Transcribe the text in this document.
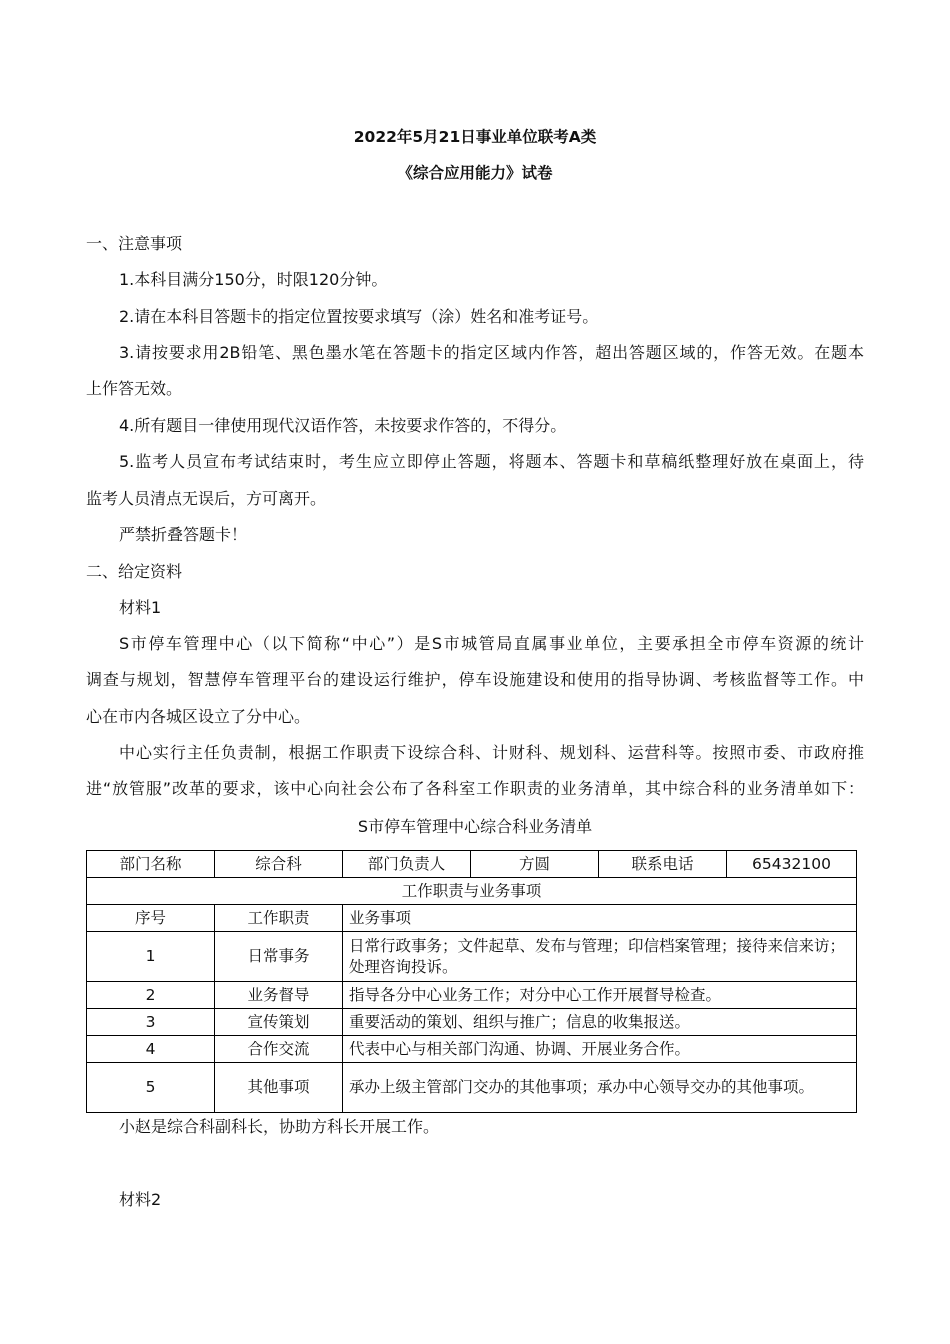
2022年5月21日事业单位联考A类
《综合应用能力》试卷
一、注意事项
1.本科目满分150分，时限120分钟。
2.请在本科目答题卡的指定位置按要求填写（涂）姓名和准考证号。
3.请按要求用2B铅笔、黑色墨水笔在答题卡的指定区域内作答，超出答题区域的，作答无效。在题本
上作答无效。
4.所有题目一律使用现代汉语作答，未按要求作答的，不得分。
5.监考人员宣布考试结束时，考生应立即停止答题，将题本、答题卡和草稿纸整理好放在桌面上，待
监考人员清点无误后，方可离开。
严禁折叠答题卡！
二、给定资料
材料1
S市停车管理中心（以下简称“中心”）是S市城管局直属事业单位，主要承担全市停车资源的统计
调查与规划，智慧停车管理平台的建设运行维护，停车设施建设和使用的指导协调、考核监督等工作。中
心在市内各城区设立了分中心。
中心实行主任负责制，根据工作职责下设综合科、计财科、规划科、运营科等。按照市委、市政府推
进“放管服”改革的要求，该中心向社会公布了各科室工作职责的业务清单，其中综合科的业务清单如下：
S市停车管理中心综合科业务清单
部门名称	综合科	部门负责人	方圆	联系电话	65432100
工作职责与业务事项					
序号	工作职责	业务事项			
1	日常事务	日常行政事务；文件起草、发布与管理；印信档案管理；接待来信来访；处理咨询投诉。			
2	业务督导	指导各分中心业务工作；对分中心工作开展督导检查。			
3	宣传策划	重要活动的策划、组织与推广；信息的收集报送。			
4	合作交流	代表中心与相关部门沟通、协调、开展业务合作。			
5	其他事项	承办上级主管部门交办的其他事项；承办中心领导交办的其他事项。			
小赵是综合科副科长，协助方科长开展工作。
材料2
